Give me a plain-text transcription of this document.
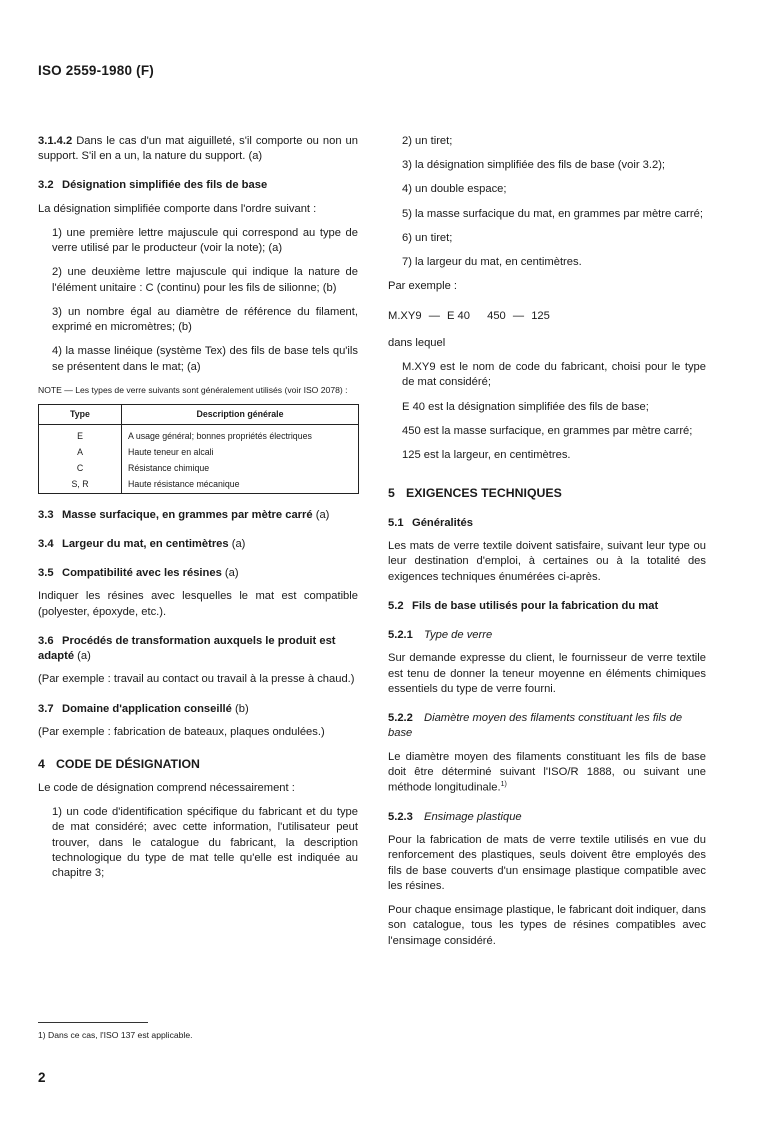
ISO 2559-1980 (F)

3.1.4.2 Dans le cas d'un mat aiguilleté, s'il comporte ou non un support. S'il en a un, la nature du support. (a)

3.2 Désignation simplifiée des fils de base

La désignation simplifiée comporte dans l'ordre suivant :

1) une première lettre majuscule qui correspond au type de verre utilisé par le producteur (voir la note); (a)

2) une deuxième lettre majuscule qui indique la nature de l'élément unitaire : C (continu) pour les fils de silionne; (b)

3) un nombre égal au diamètre de référence du filament, exprimé en micromètres; (b)

4) la masse linéique (système Tex) des fils de base tels qu'ils se présentent dans le mat; (a)

NOTE — Les types de verre suivants sont généralement utilisés (voir ISO 2078) :
Type	Description générale
E	A usage général; bonnes propriétés électriques
A	Haute teneur en alcali
C	Résistance chimique
S, R	Haute résistance mécanique
3.3 Masse surfacique, en grammes par mètre carré (a)
3.4 Largeur du mat, en centimètres (a)
3.5 Compatibilité avec les résines (a)

Indiquer les résines avec lesquelles le mat est compatible (polyester, époxyde, etc.).

3.6 Procédés de transformation auxquels le produit est adapté (a)

(Par exemple : travail au contact ou travail à la presse à chaud.)

3.7 Domaine d'application conseillé (b)

(Par exemple : fabrication de bateaux, plaques ondulées.)

4 CODE DE DÉSIGNATION

Le code de désignation comprend nécessairement :

1) un code d'identification spécifique du fabricant et du type de mat considéré; avec cette information, l'utilisateur peut trouver, dans le catalogue du fabricant, la description technologique du type de mat telle qu'elle est indiquée au chapitre 3;

2) un tiret;

3) la désignation simplifiée des fils de base (voir 3.2);

4) un double espace;

5) la masse surfacique du mat, en grammes par mètre carré;

6) un tiret;

7) la largeur du mat, en centimètres.

Par exemple :

M.XY9 — E 40 450 — 125

dans lequel

M.XY9 est le nom de code du fabricant, choisi pour le type de mat considéré;

E 40 est la désignation simplifiée des fils de base;

450 est la masse surfacique, en grammes par mètre carré;

125 est la largeur, en centimètres.

5 EXIGENCES TECHNIQUES
5.1 Généralités

Les mats de verre textile doivent satisfaire, suivant leur type ou leur destination d'emploi, à certaines ou à la totalité des exigences techniques énumérées ci-après.

5.2 Fils de base utilisés pour la fabrication du mat
5.2.1 Type de verre

Sur demande expresse du client, le fournisseur de verre textile est tenu de donner la teneur moyenne en éléments chimiques essentiels du type de verre fourni.

5.2.2 Diamètre moyen des filaments constituant les fils de base

Le diamètre moyen des filaments constituant les fils de base doit être déterminé suivant l'ISO/R 1888, ou suivant une méthode longitudinale.$^{1)}$

5.2.3 Ensimage plastique

Pour la fabrication de mats de verre textile utilisés en vue du renforcement des plastiques, seuls doivent être employés des fils de base couverts d'un ensimage plastique compatible avec les résines.

Pour chaque ensimage plastique, le fabricant doit indiquer, dans son catalogue, tous les types de résines compatibles avec l'ensimage considéré.

1) Dans ce cas, l'ISO 137 est applicable.
2
